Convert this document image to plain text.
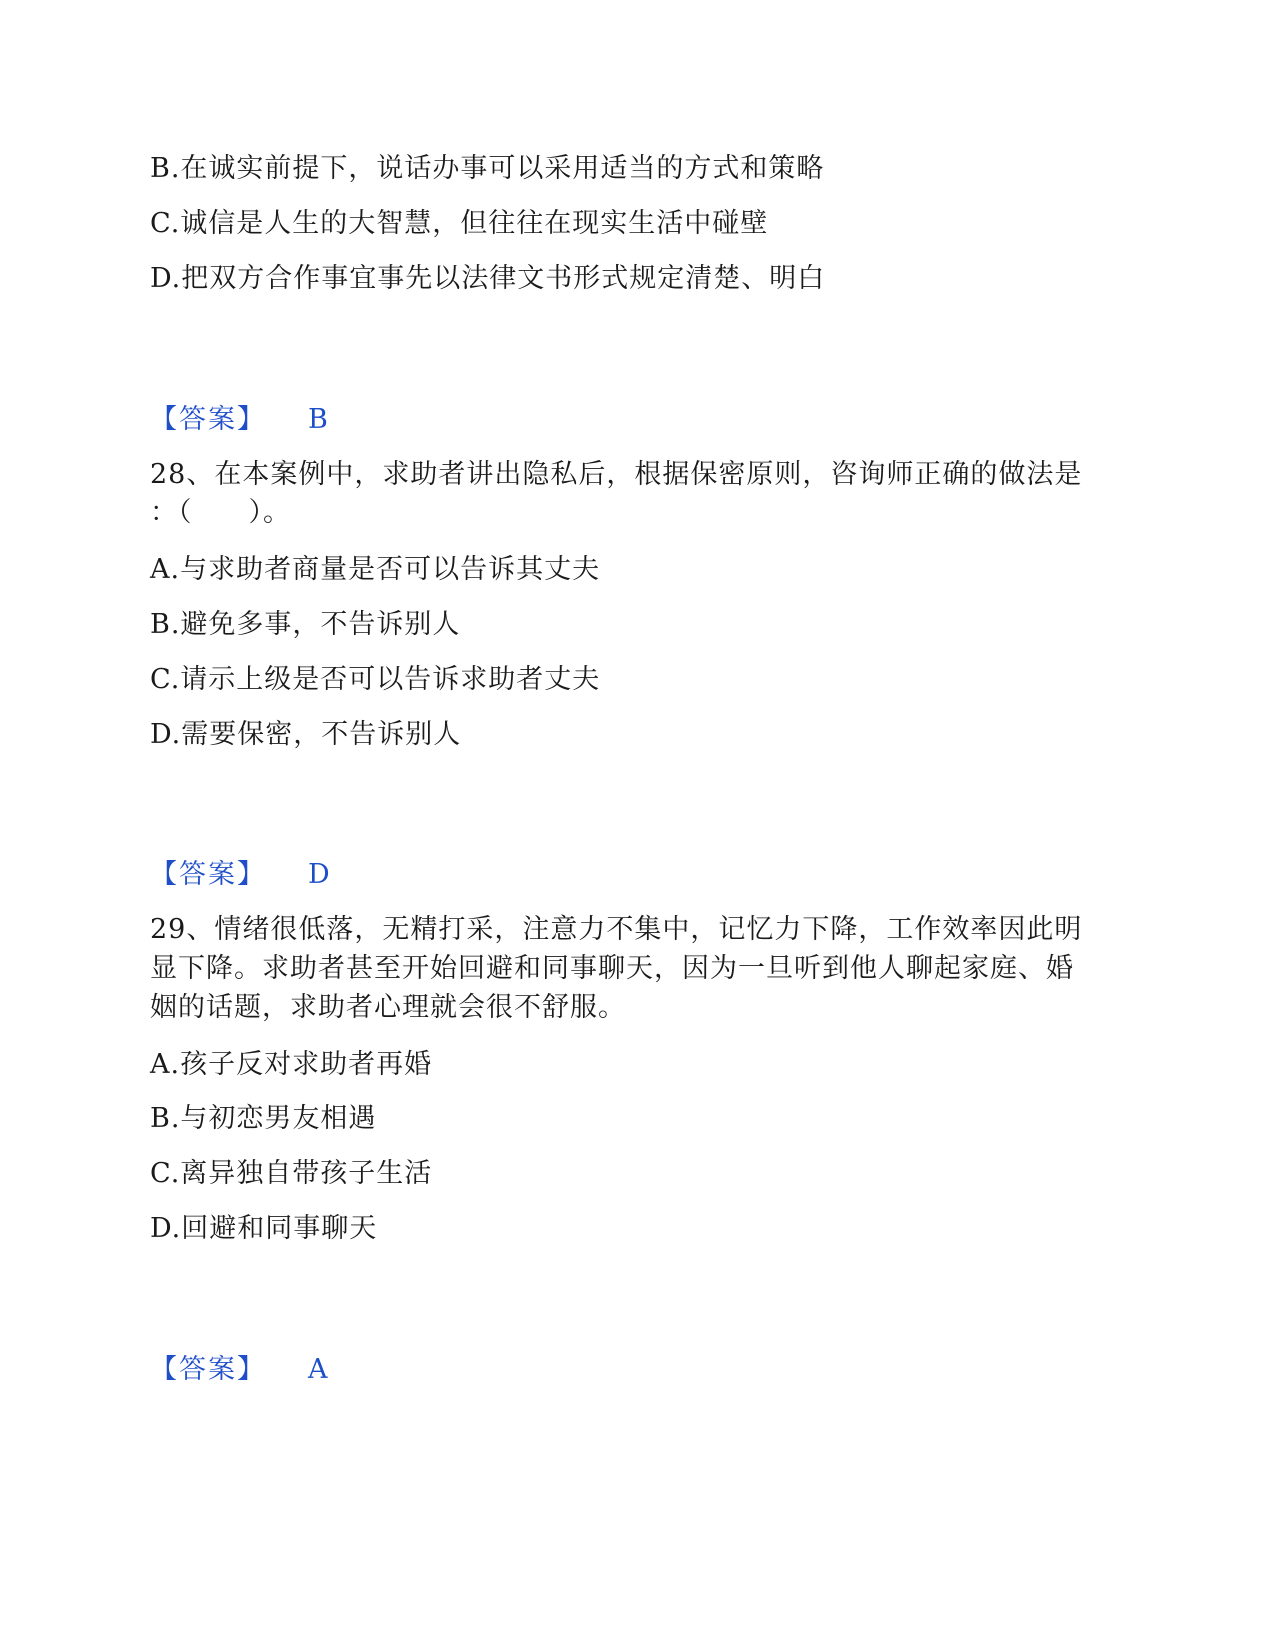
B.在诚实前提下，说话办事可以采用适当的方式和策略
C.诚信是人生的大智慧，但往往在现实生活中碰壁
D.把双方合作事宜事先以法律文书形式规定清楚、明白
【答案】 B
28、在本案例中，求助者讲出隐私后，根据保密原则，咨询师正确的做法是
：（　　）。
A.与求助者商量是否可以告诉其丈夫
B.避免多事，不告诉别人
C.请示上级是否可以告诉求助者丈夫
D.需要保密，不告诉别人
【答案】 D
29、情绪很低落，无精打采，注意力不集中，记忆力下降，工作效率因此明
显下降。求助者甚至开始回避和同事聊天，因为一旦听到他人聊起家庭、婚
姻的话题，求助者心理就会很不舒服。
A.孩子反对求助者再婚
B.与初恋男友相遇
C.离异独自带孩子生活
D.回避和同事聊天
【答案】 A
